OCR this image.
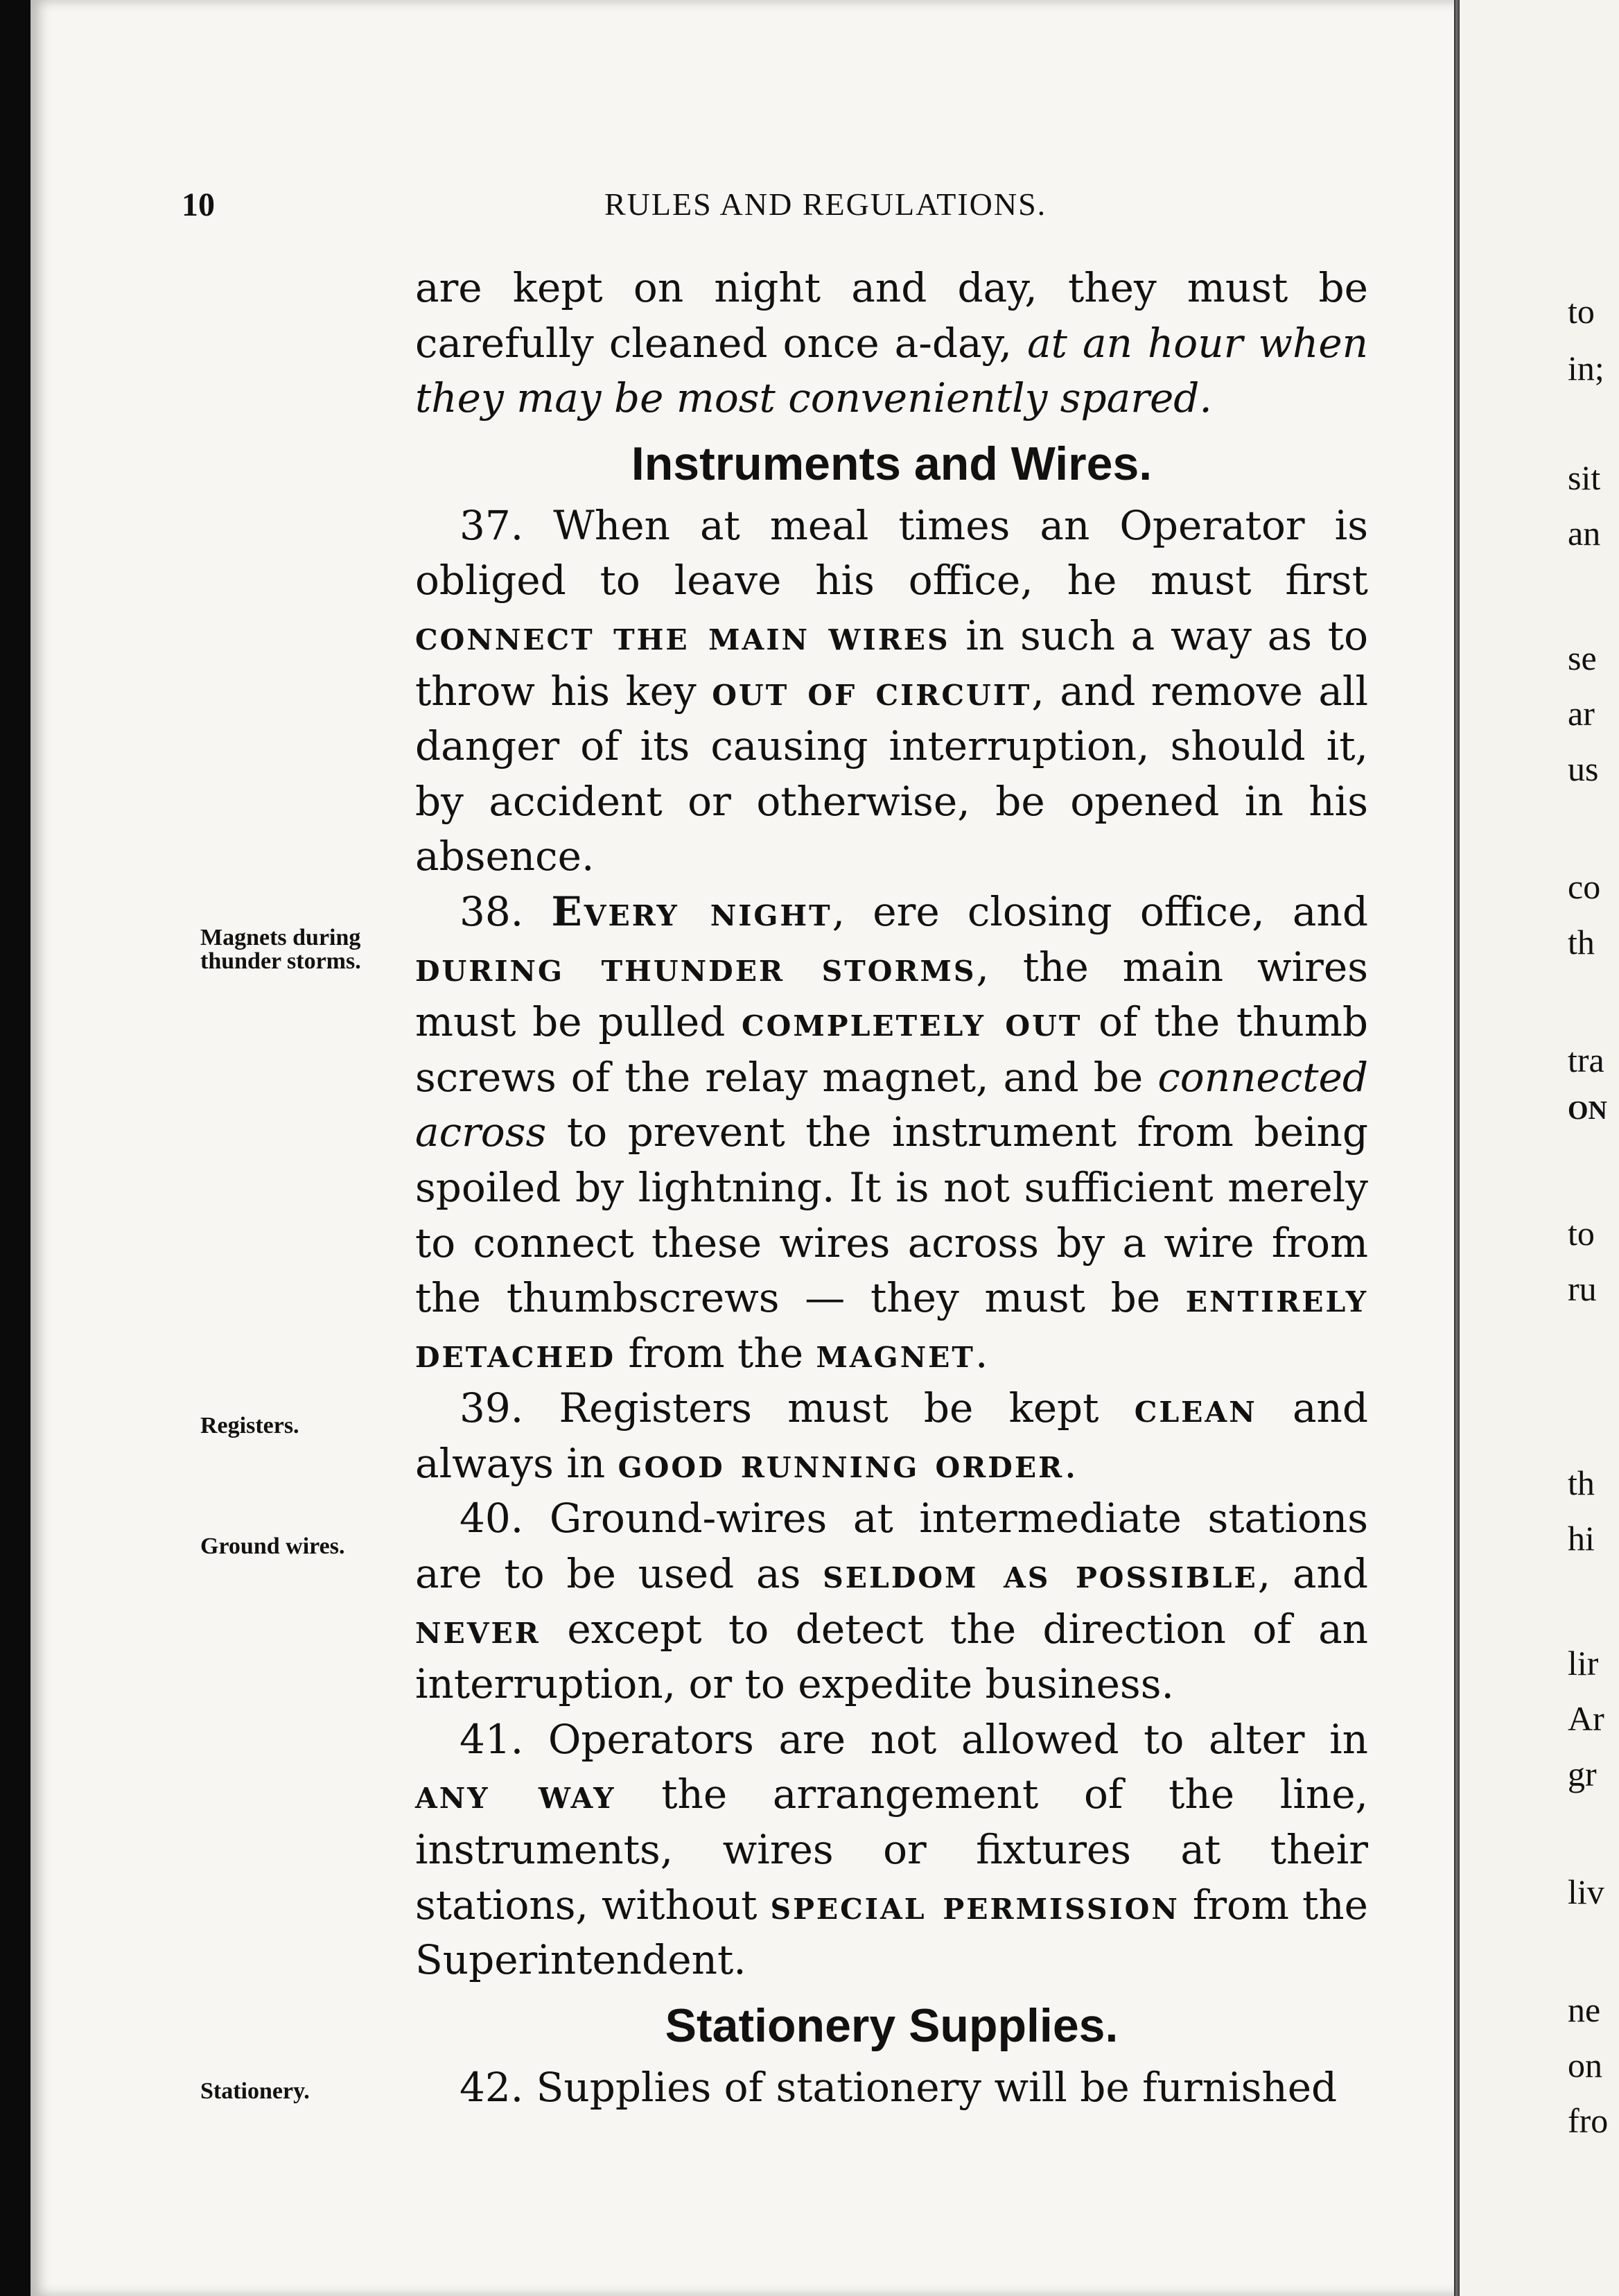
10	RULES AND REGULATIONS.
Magnets during
thunder storms.
Registers.
Ground wires.
Stationery.

are kept on night and day, they must be carefully cleaned once a-day, at an hour when they may be most conveniently spared.

Instruments and Wires.

37. When at meal times an Operator is obliged to leave his office, he must first connect the main wires in such a way as to throw his key out of circuit, and remove all danger of its causing interruption, should it, by accident or otherwise, be opened in his absence.

38. Every night, ere closing office, and during thunder storms, the main wires must be pulled completely out of the thumb screws of the relay magnet, and be connected across to prevent the instrument from being spoiled by lightning. It is not sufficient merely to connect these wires across by a wire from the thumbscrews — they must be entirely detached from the magnet.

39. Registers must be kept clean and always in good running order.

40. Ground-wires at intermediate stations are to be used as seldom as possible, and never except to detect the direction of an interruption, or to expedite business.

41. Operators are not allowed to alter in any way the arrangement of the line, instruments, wires or fixtures at their stations, without special permission from the Superintendent.

Stationery Supplies.

42. Supplies of stationery will be furnished

to
in;
sit
an
se
ar
us
co
th
tra
ON
to
ru
th
hi
lir
Ar
gr
liv
ne
on
fro
